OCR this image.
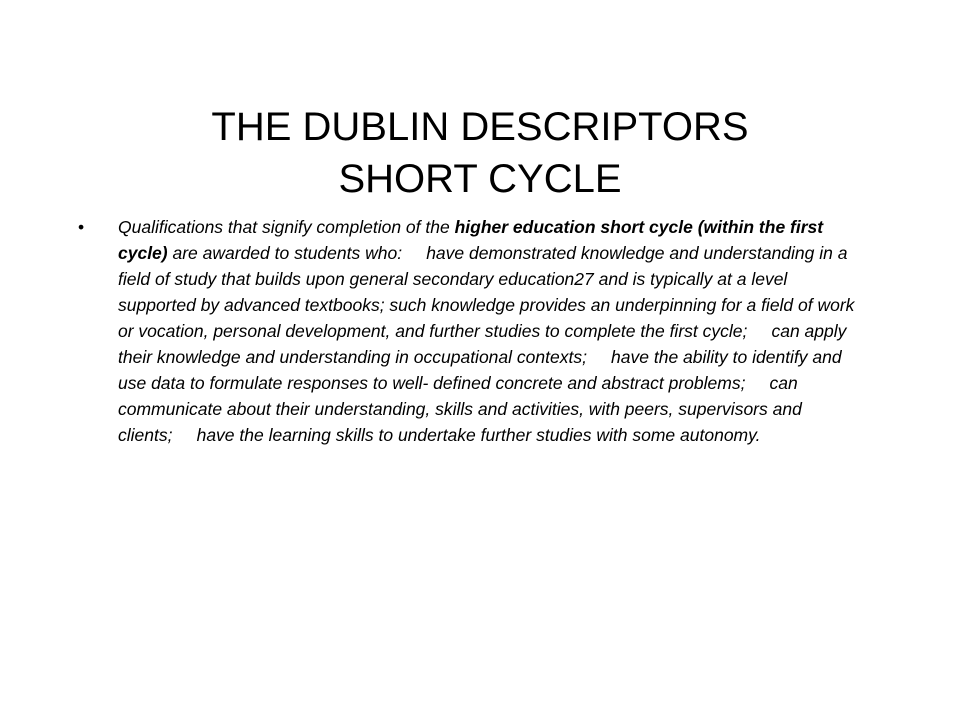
THE DUBLIN DESCRIPTORS
SHORT CYCLE
• Qualifications that signify completion of the higher education short cycle (within the first cycle) are awarded to students who: have demonstrated knowledge and understanding in a field of study that builds upon general secondary education27 and is typically at a level supported by advanced textbooks; such knowledge provides an underpinning for a field of work or vocation, personal development, and further studies to complete the first cycle; can apply their knowledge and understanding in occupational contexts; have the ability to identify and use data to formulate responses to well- defined concrete and abstract problems; can communicate about their understanding, skills and activities, with peers, supervisors and clients; have the learning skills to undertake further studies with some autonomy.
